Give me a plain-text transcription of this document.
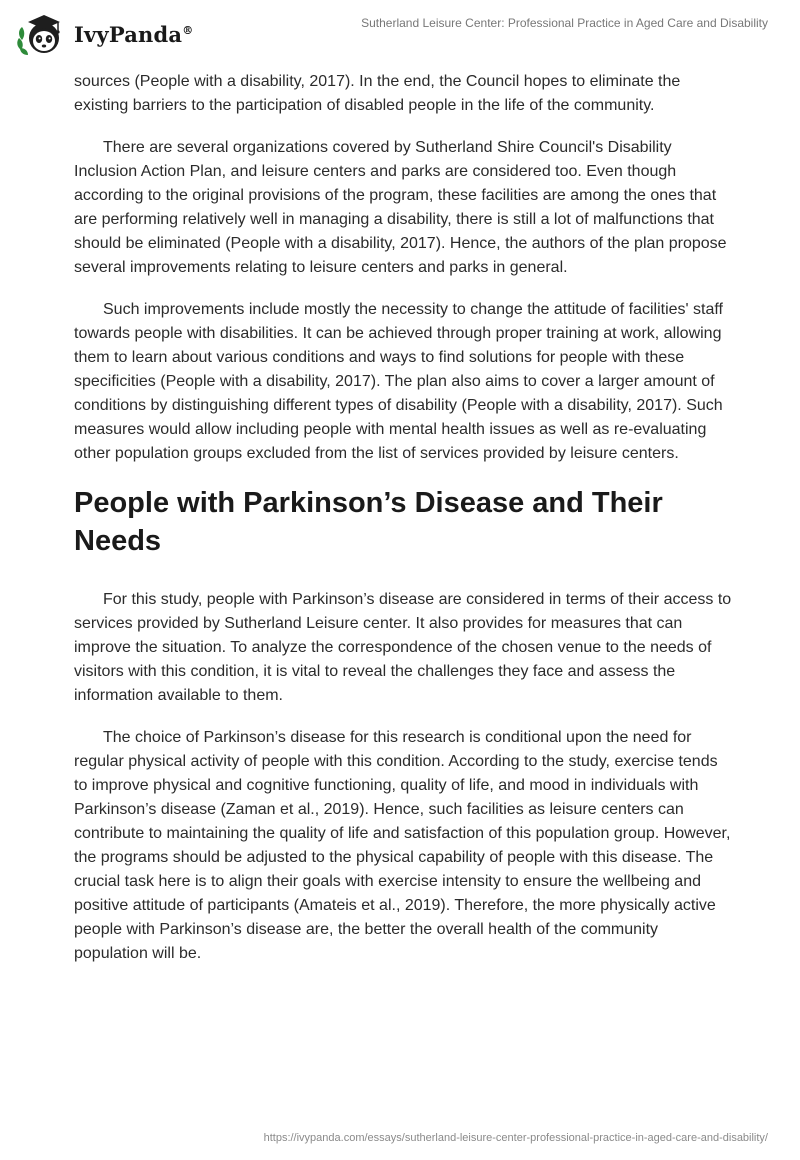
IvyPanda®	Sutherland Leisure Center: Professional Practice in Aged Care and Disability

sources (People with a disability, 2017). In the end, the Council hopes to eliminate the existing barriers to the participation of disabled people in the life of the community.

There are several organizations covered by Sutherland Shire Council's Disability Inclusion Action Plan, and leisure centers and parks are considered too. Even though according to the original provisions of the program, these facilities are among the ones that are performing relatively well in managing a disability, there is still a lot of malfunctions that should be eliminated (People with a disability, 2017). Hence, the authors of the plan propose several improvements relating to leisure centers and parks in general.

Such improvements include mostly the necessity to change the attitude of facilities' staff towards people with disabilities. It can be achieved through proper training at work, allowing them to learn about various conditions and ways to find solutions for people with these specificities (People with a disability, 2017). The plan also aims to cover a larger amount of conditions by distinguishing different types of disability (People with a disability, 2017). Such measures would allow including people with mental health issues as well as re-evaluating other population groups excluded from the list of services provided by leisure centers.

People with Parkinson’s Disease and Their Needs

For this study, people with Parkinson’s disease are considered in terms of their access to services provided by Sutherland Leisure center. It also provides for measures that can improve the situation. To analyze the correspondence of the chosen venue to the needs of visitors with this condition, it is vital to reveal the challenges they face and assess the information available to them.

The choice of Parkinson’s disease for this research is conditional upon the need for regular physical activity of people with this condition. According to the study, exercise tends to improve physical and cognitive functioning, quality of life, and mood in individuals with Parkinson’s disease (Zaman et al., 2019). Hence, such facilities as leisure centers can contribute to maintaining the quality of life and satisfaction of this population group. However, the programs should be adjusted to the physical capability of people with this disease. The crucial task here is to align their goals with exercise intensity to ensure the wellbeing and positive attitude of participants (Amateis et al., 2019). Therefore, the more physically active people with Parkinson’s disease are, the better the overall health of the community population will be.

https://ivypanda.com/essays/sutherland-leisure-center-professional-practice-in-aged-care-and-disability/
